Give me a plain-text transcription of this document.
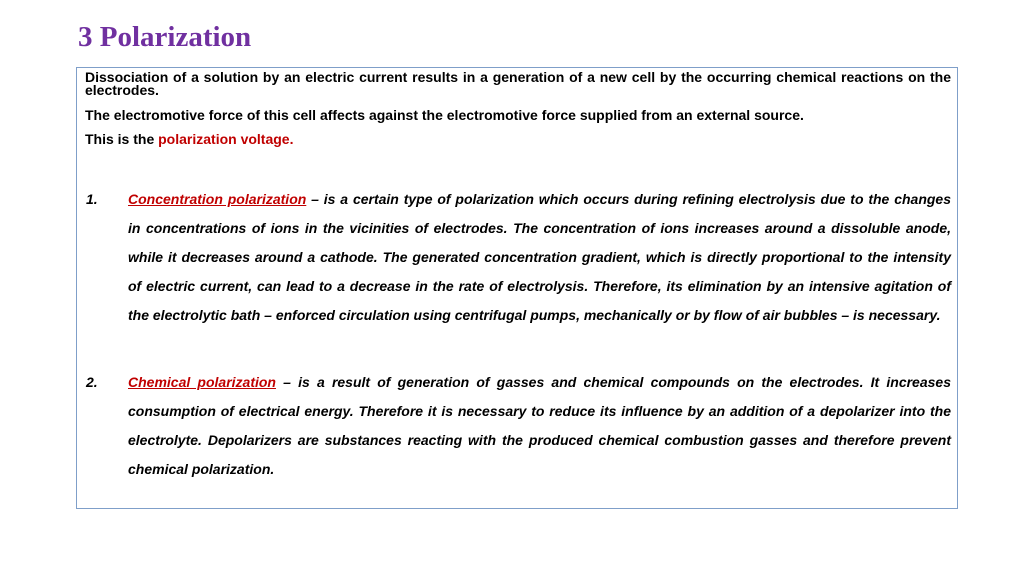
3 Polarization

Dissociation of a solution by an electric current results in a generation of a new cell by the occurring chemical reactions on the electrodes.

The electromotive force of this cell affects against the electromotive force supplied from an external source.

This is the polarization voltage.

1. Concentration polarization – is a certain type of polarization which occurs during refining electrolysis due to the changes in concentrations of ions in the vicinities of electrodes. The concentration of ions increases around a dissoluble anode, while it decreases around a cathode. The generated concentration gradient, which is directly proportional to the intensity of electric current, can lead to a decrease in the rate of electrolysis. Therefore, its elimination by an intensive agitation of the electrolytic bath – enforced circulation using centrifugal pumps, mechanically or by flow of air bubbles – is necessary.
2. Chemical polarization – is a result of generation of gasses and chemical compounds on the electrodes. It increases consumption of electrical energy. Therefore it is necessary to reduce its influence by an addition of a depolarizer into the electrolyte. Depolarizers are substances reacting with the produced chemical combustion gasses and therefore prevent chemical polarization.
